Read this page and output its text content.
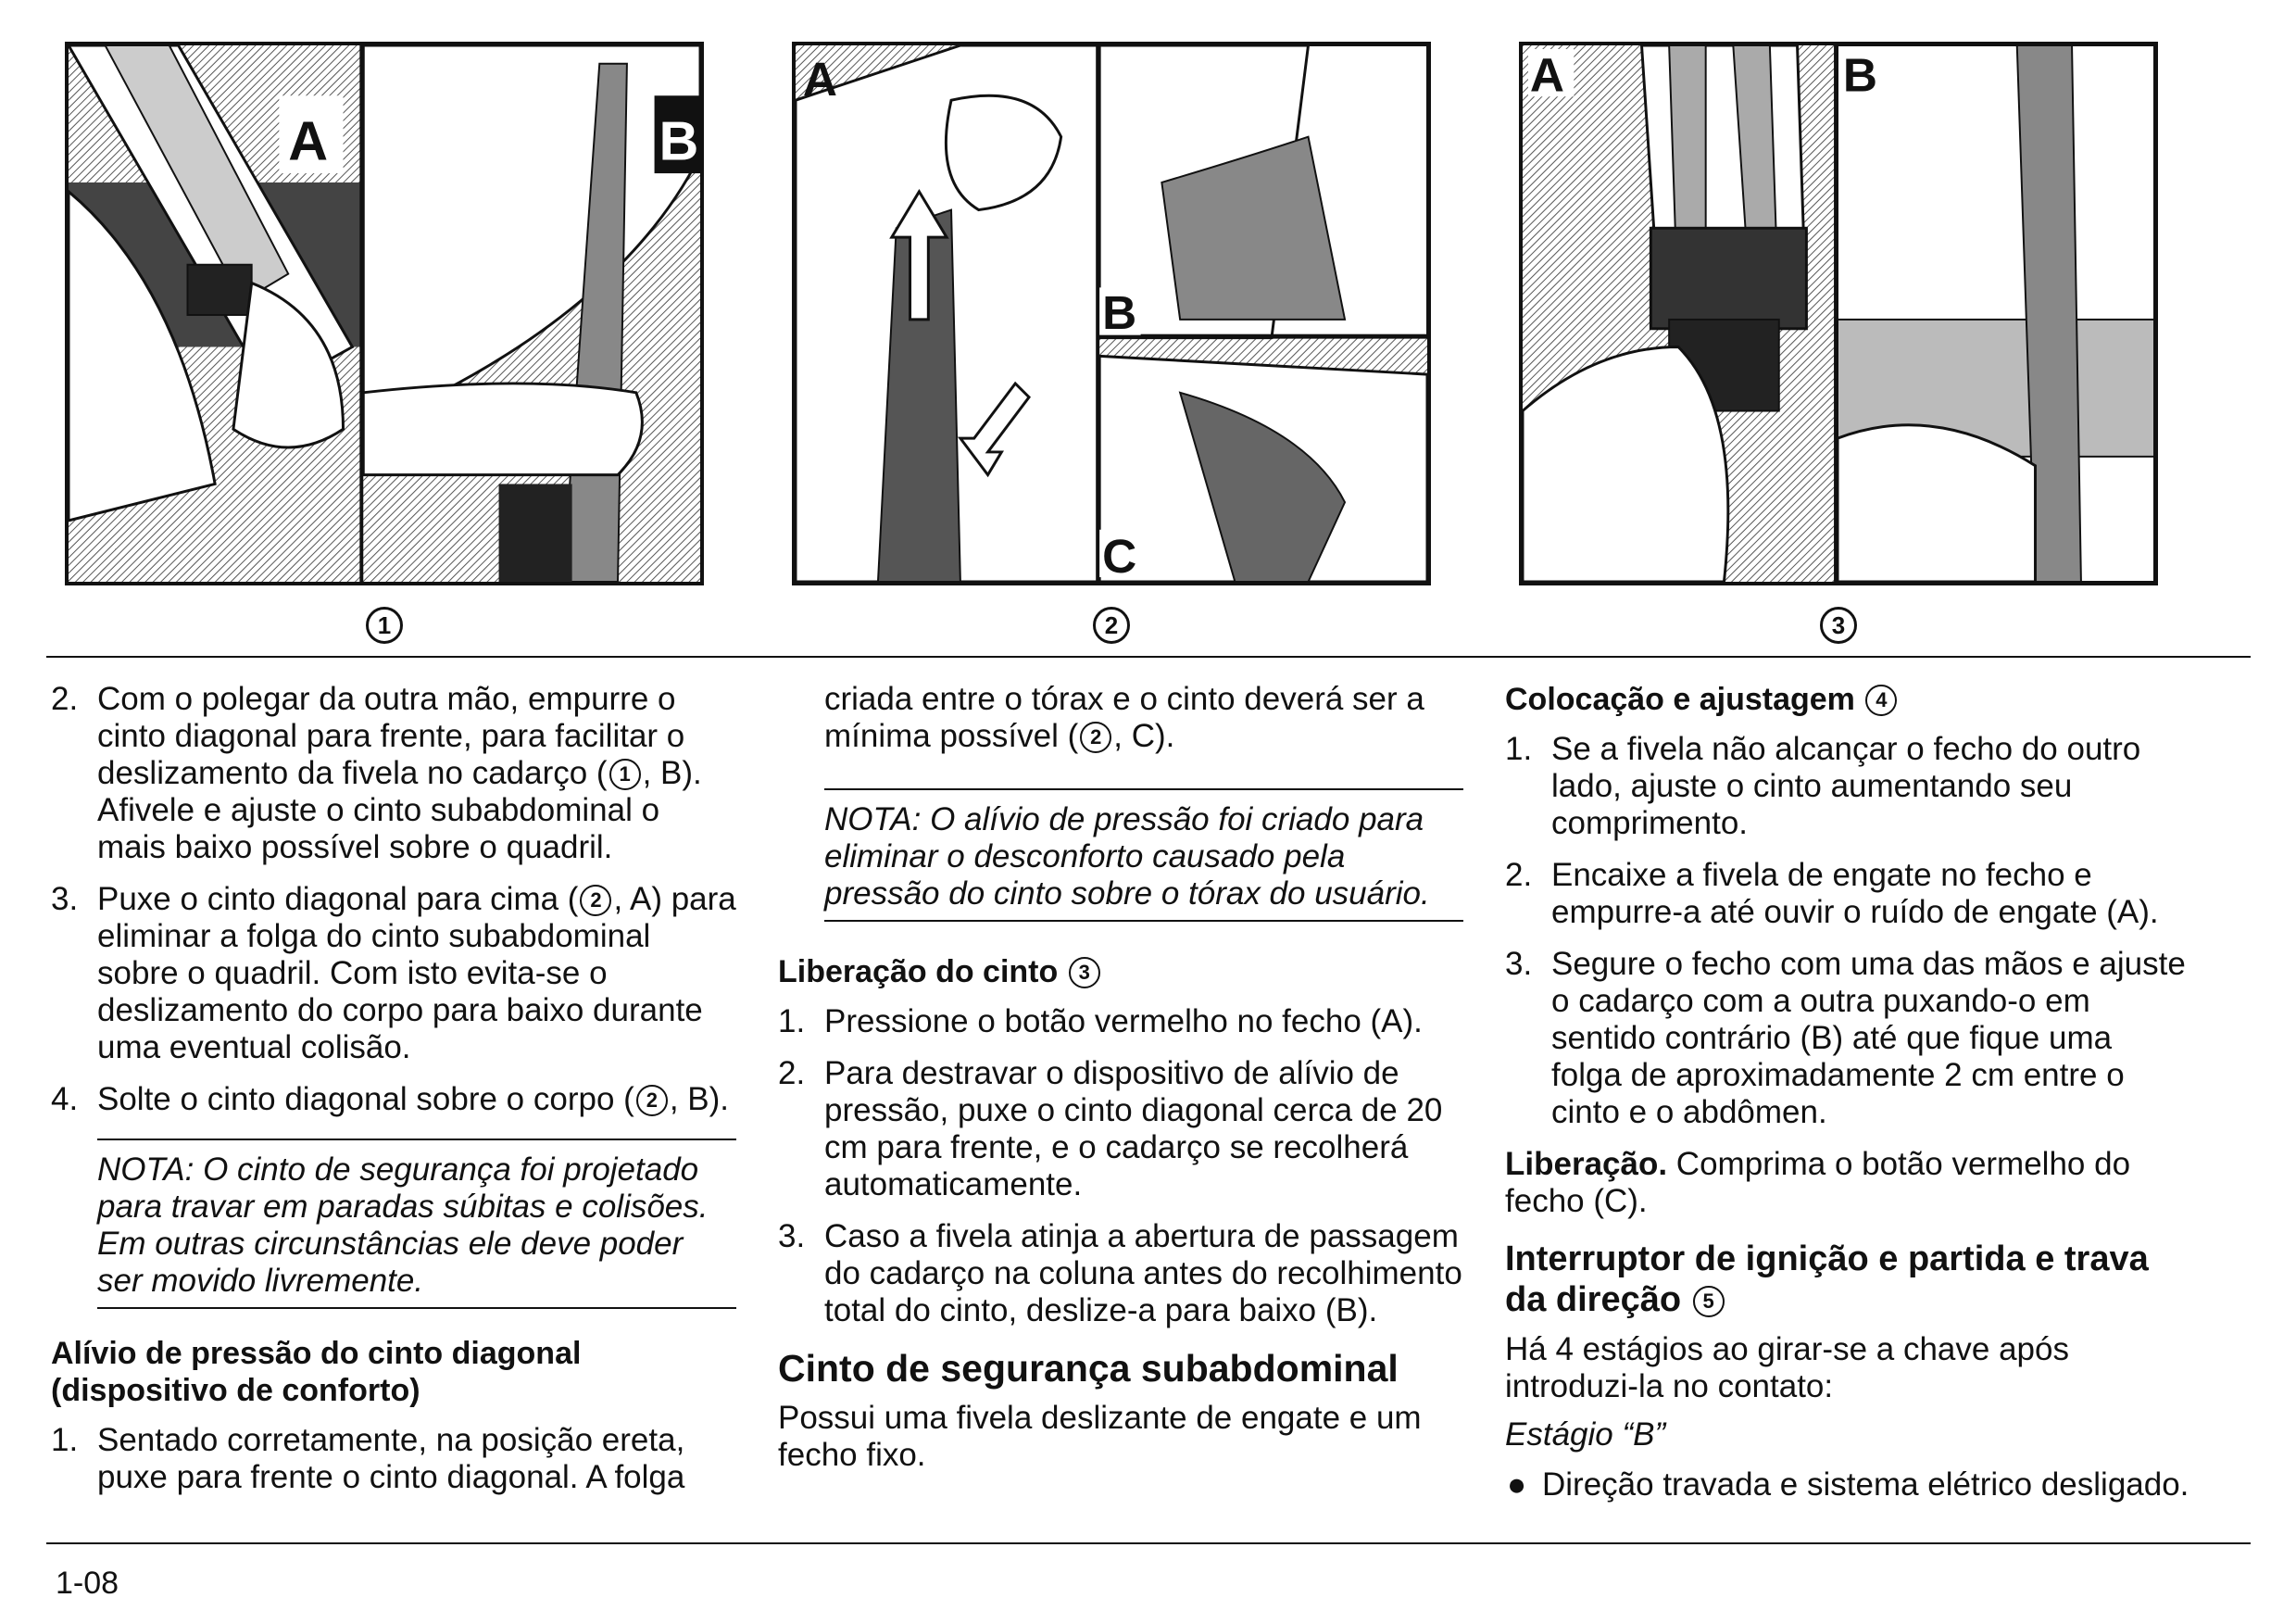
A	B
A
B
C
A	B
1	2	3
2. Com o polegar da outra mão, empurre o cinto diagonal para frente, para facilitar o deslizamento da fivela no cadarço ( 1 , B). Afivele e ajuste o cinto subabdominal o mais baixo possível sobre o quadril.
3. Puxe o cinto diagonal para cima ( 2 , A) para eliminar a folga do cinto subabdominal sobre o quadril. Com isto evita-se o deslizamento do corpo para baixo durante uma eventual colisão.
4. Solte o cinto diagonal sobre o corpo ( 2 , B).
NOTA: O cinto de segurança foi projetado para travar em paradas súbitas e colisões. Em outras circunstâncias ele deve poder ser movido livremente.
Alívio de pressão do cinto diagonal (dispositivo de conforto)
1. Sentado corretamente, na posição ereta, puxe para frente o cinto diagonal. A folga
criada entre o tórax e o cinto deverá ser a mínima possível ( 2 , C).
NOTA: O alívio de pressão foi criado para eliminar o desconforto causado pela pressão do cinto sobre o tórax do usuário.
Liberação do cinto 3
1. Pressione o botão vermelho no fecho (A).
2. Para destravar o dispositivo de alívio de pressão, puxe o cinto diagonal cerca de 20 cm para frente, e o cadarço se recolherá automaticamente.
3. Caso a fivela atinja a abertura de passagem do cadarço na coluna antes do recolhimento total do cinto, deslize-a para baixo (B).
Cinto de segurança subabdominal
Possui uma fivela deslizante de engate e um fecho fixo.
Colocação e ajustagem 4
1. Se a fivela não alcançar o fecho do outro lado, ajuste o cinto aumentando seu comprimento.
2. Encaixe a fivela de engate no fecho e empurre-a até ouvir o ruído de engate (A).
3. Segure o fecho com uma das mãos e ajuste o cadarço com a outra puxando-o em sentido contrário (B) até que fique uma folga de aproximadamente 2 cm entre o cinto e o abdômen.
Liberação. Comprima o botão vermelho do fecho (C).
Interruptor de ignição e partida e trava da direção 5
Há 4 estágios ao girar-se a chave após introduzi-la no contato:
Estágio “B”
● Direção travada e sistema elétrico desligado.
1-08
